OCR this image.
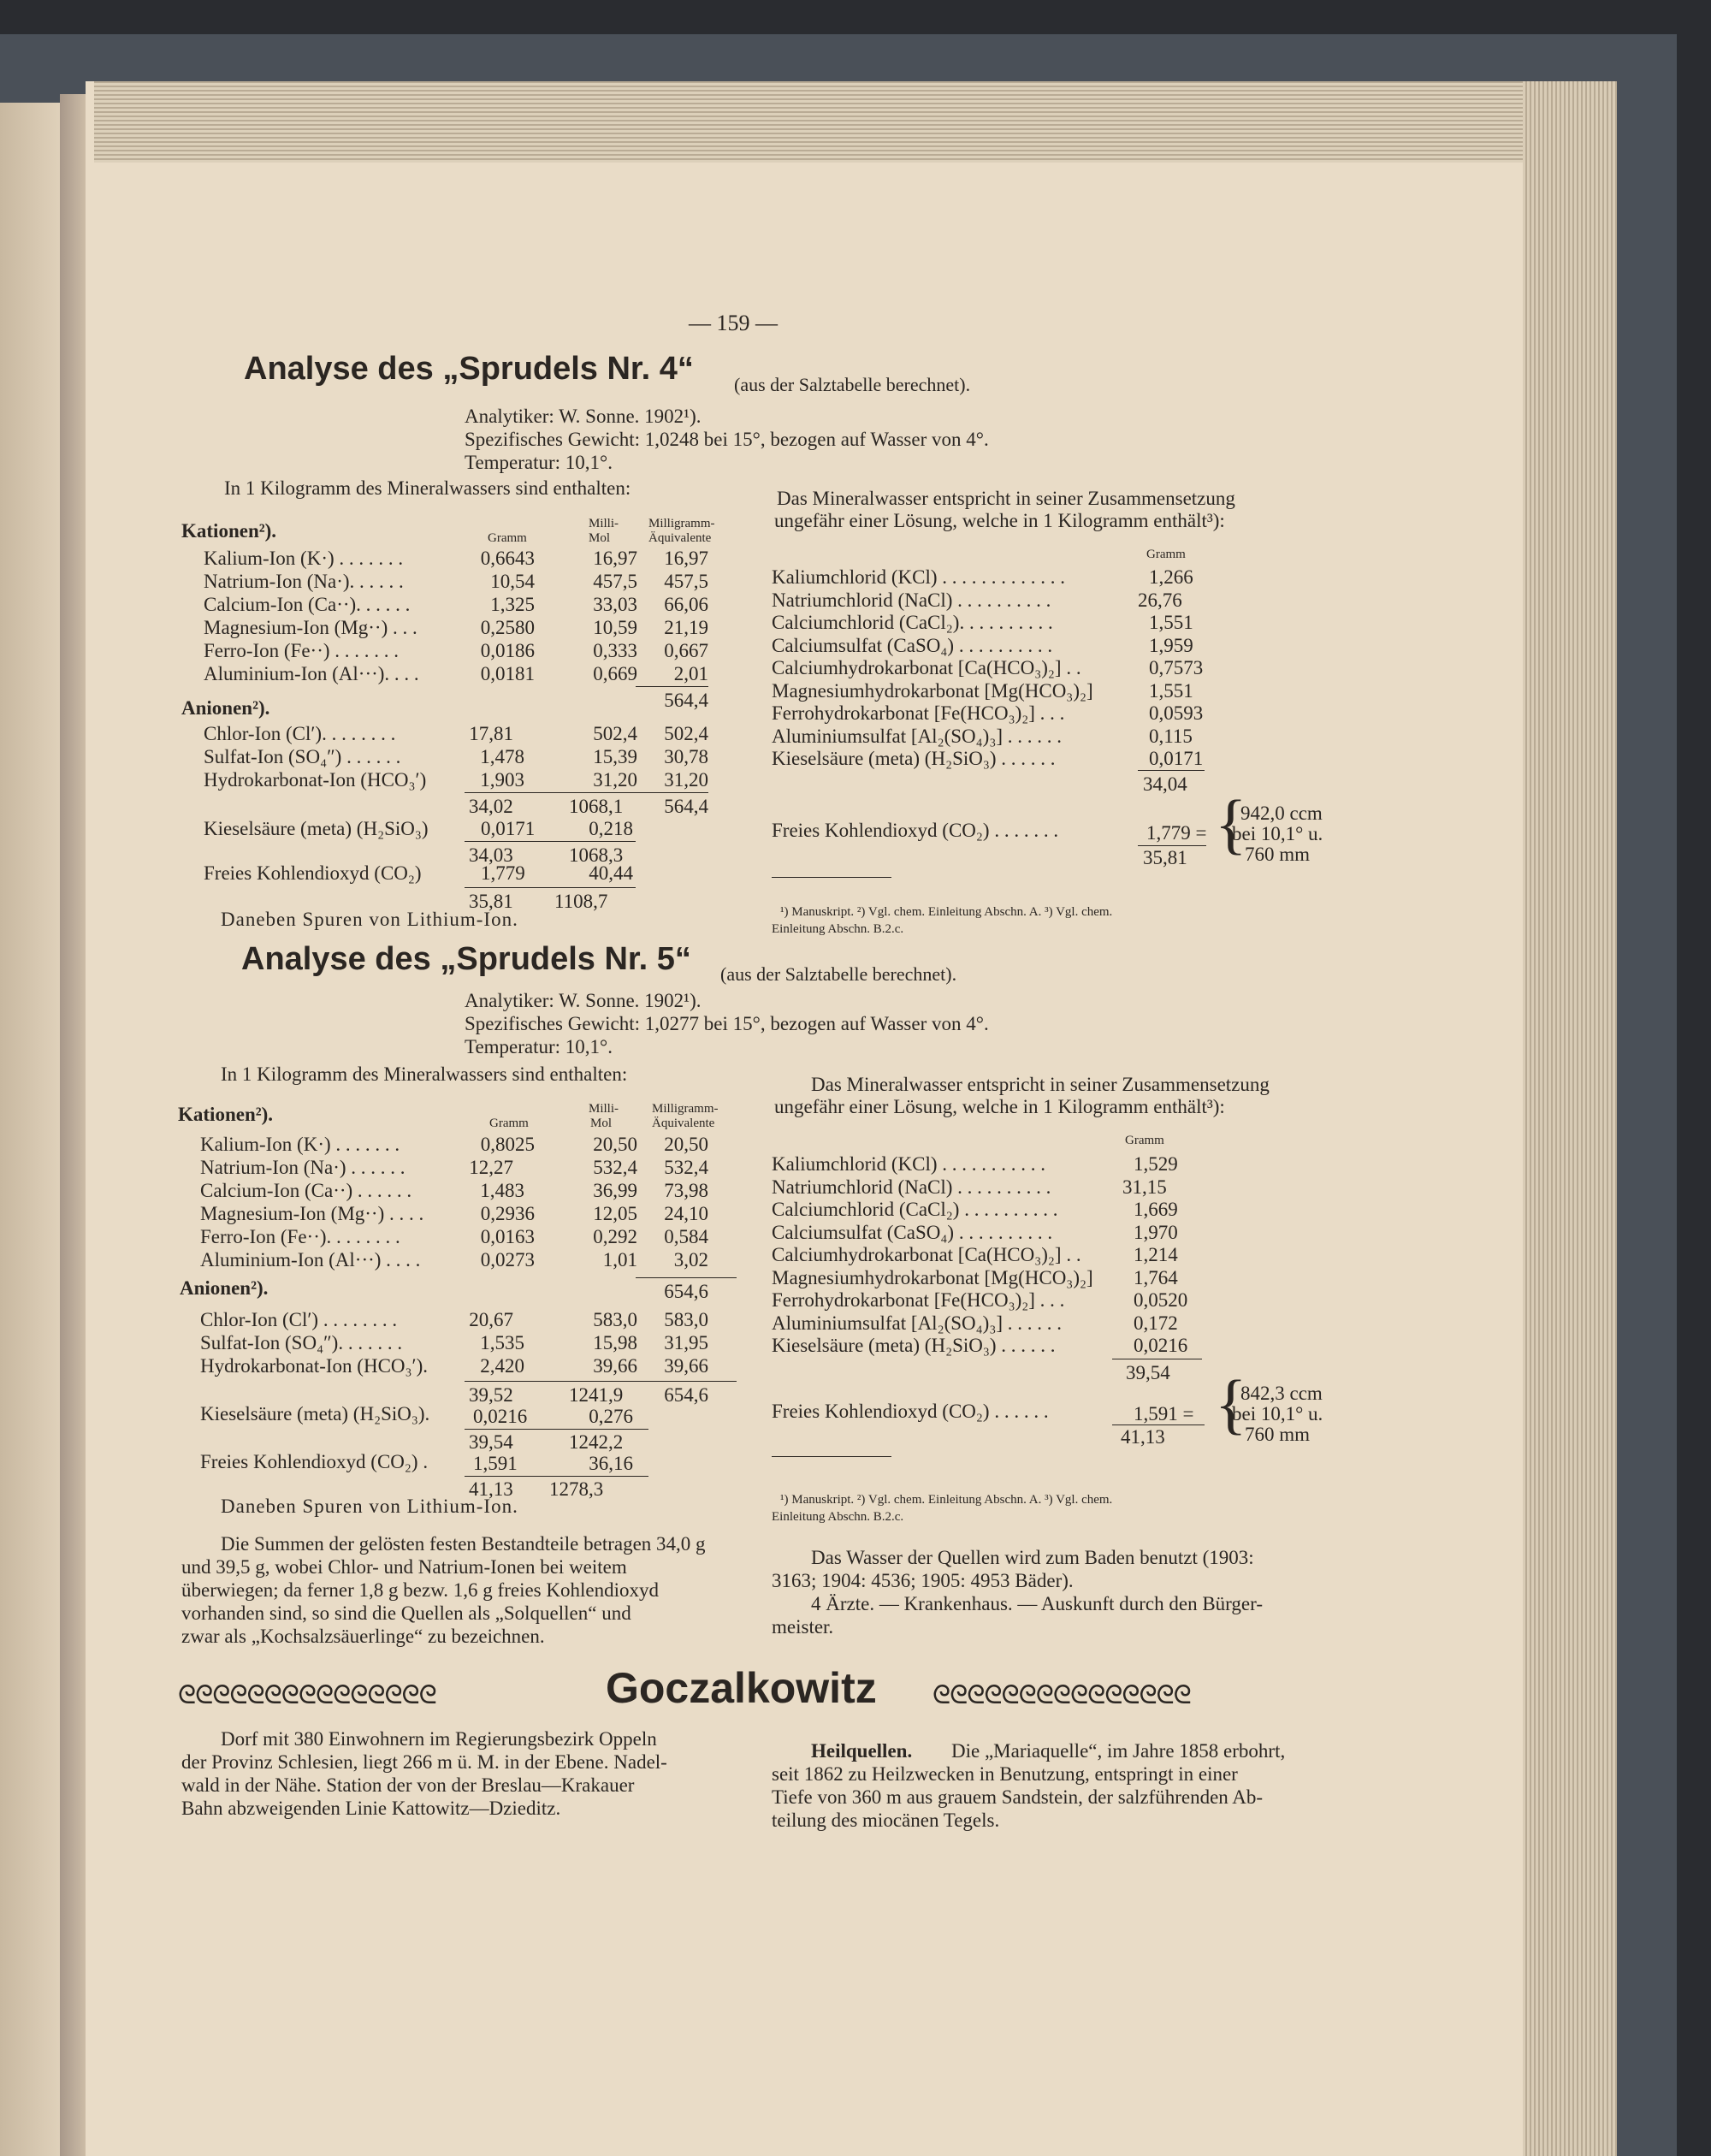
— 159 —
Analyse des „Sprudels Nr. 4“ (aus der Salztabelle berechnet).
Analytiker: W. Sonne. 1902¹).
Spezifisches Gewicht: 1,0248 bei 15°, bezogen auf Wasser von 4°.
Temperatur: 10,1°.
In 1 Kilogramm des Mineralwassers sind enthalten:
Milli- Milligramm-
Kationen²).	Gramm	Mol	Äquivalente
Kalium-Ion (K·) . . . . . . .	0,6643	16,97	16,97
Natrium-Ion (Na·). . . . . .	10,54	457,5	457,5
Calcium-Ion (Ca··). . . . . .	1,325	33,03	66,06
Magnesium-Ion (Mg··) . . .	0,2580	10,59	21,19
Ferro-Ion (Fe··) . . . . . . .	0,0186	0,333	0,667
Aluminium-Ion (Al···). . . .	0,0181	0,669	2,01
564,4
Anionen²).
Chlor-Ion (Cl′). . . . . . . .	17,81	502,4	502,4
Sulfat-Ion (SO₄″) . . . . . .	1,478	15,39	30,78
Hydrokarbonat-Ion (HCO₃′)	1,903	31,20	31,20
34,02	1068,1	564,4
Kieselsäure (meta) (H₂SiO₃)	0,0171	0,218
34,03	1068,3
Freies Kohlendioxyd (CO₂)	1,779	40,44
35,81 1108,7
Daneben Spuren von Lithium-Ion.
Das Mineralwasser entspricht in seiner Zusammensetzung
ungefähr einer Lösung, welche in 1 Kilogramm enthält³):
Gramm
Kaliumchlorid (KCl) . . . . . . . . . . . . .	1,266
Natriumchlorid (NaCl) . . . . . . . . . .	26,76
Calciumchlorid (CaCl₂). . . . . . . . . .	1,551
Calciumsulfat (CaSO₄) . . . . . . . . . .	1,959
Calciumhydrokarbonat [Ca(HCO₃)₂] . .	0,7573
Magnesiumhydrokarbonat [Mg(HCO₃)₂]	1,551
Ferrohydrokarbonat [Fe(HCO₃)₂] . . .	0,0593
Aluminiumsulfat [Al₂(SO₄)₃] . . . . . .	0,115
Kieselsäure (meta) (H₂SiO₃) . . . . . .	0,0171
34,04
Freies Kohlendioxyd (CO₂) . . . . . . .	1,779 = {
942,0 ccm
bei 10,1° u.
760 mm
35,81
¹) Manuskript. ²) Vgl. chem. Einleitung Abschn. A. ³) Vgl. chem.
Einleitung Abschn. B.2.c.
Analyse des „Sprudels Nr. 5“ (aus der Salztabelle berechnet).
Analytiker: W. Sonne. 1902¹).
Spezifisches Gewicht: 1,0277 bei 15°, bezogen auf Wasser von 4°.
Temperatur: 10,1°.
In 1 Kilogramm des Mineralwassers sind enthalten:
Milli-	Milligramm-
Kationen²).	Gramm	Mol	Äquivalente
Kalium-Ion (K·) . . . . . . .	0,8025	20,50	20,50
Natrium-Ion (Na·) . . . . . .	12,27	532,4	532,4
Calcium-Ion (Ca··) . . . . . .	1,483	36,99	73,98
Magnesium-Ion (Mg··) . . . .	0,2936	12,05	24,10
Ferro-Ion (Fe··). . . . . . . .	0,0163	0,292	0,584
Aluminium-Ion (Al···) . . . .	0,0273	1,01	3,02
654,6
Anionen²).
Chlor-Ion (Cl′) . . . . . . . .	20,67	583,0	583,0
Sulfat-Ion (SO₄″). . . . . . .	1,535	15,98	31,95
Hydrokarbonat-Ion (HCO₃′).	2,420	39,66	39,66
39,52	1241,9	654,6
Kieselsäure (meta) (H₂SiO₃). 0,0216	0,276
39,54	1242,2
Freies Kohlendioxyd (CO₂) . 1,591	36,16
41,13 1278,3
Daneben Spuren von Lithium-Ion.
Das Mineralwasser entspricht in seiner Zusammensetzung
ungefähr einer Lösung, welche in 1 Kilogramm enthält³):
Gramm
Kaliumchlorid (KCl) . . . . . . . . . . .	1,529
Natriumchlorid (NaCl) . . . . . . . . . .	31,15
Calciumchlorid (CaCl₂) . . . . . . . . . .	1,669
Calciumsulfat (CaSO₄) . . . . . . . . . .	1,970
Calciumhydrokarbonat [Ca(HCO₃)₂] . .	1,214
Magnesiumhydrokarbonat [Mg(HCO₃)₂] 1,764
Ferrohydrokarbonat [Fe(HCO₃)₂] . . .	0,0520
Aluminiumsulfat [Al₂(SO₄)₃] . . . . . .	0,172
Kieselsäure (meta) (H₂SiO₃) . . . . . .	0,0216
39,54
Freies Kohlendioxyd (CO₂) . . . . . .	1,591 = {
842,3 ccm
bei 10,1° u.
760 mm
41,13
¹) Manuskript. ²) Vgl. chem. Einleitung Abschn. A. ³) Vgl. chem.
Einleitung Abschn. B.2.c.
Die Summen der gelösten festen Bestandteile betragen 34,0 g
und 39,5 g, wobei Chlor- und Natrium-Ionen bei weitem
überwiegen; da ferner 1,8 g bezw. 1,6 g freies Kohlendioxyd
vorhanden sind, so sind die Quellen als „Solquellen“ und
zwar als „Kochsalzsäuerlinge“ zu bezeichnen.
Das Wasser der Quellen wird zum Baden benutzt (1903:
3163; 1904: 4536; 1905: 4953 Bäder).
4 Ärzte. — Krankenhaus. — Auskunft durch den Bürger-
meister.
ᘓᘓᘓᘓᘓᘓᘓᘓᘓᘓᘓᘓᘓᘓᘓ	Goczalkowitz ᘓᘓᘓᘓᘓᘓᘓᘓᘓᘓᘓᘓᘓᘓᘓ
Dorf mit 380 Einwohnern im Regierungsbezirk Oppeln
der Provinz Schlesien, liegt 266 m ü. M. in der Ebene. Nadel-
wald in der Nähe. Station der von der Breslau—Krakauer
Bahn abzweigenden Linie Kattowitz—Dzieditz.
Heilquellen. Die „Mariaquelle“, im Jahre 1858 erbohrt,
seit 1862 zu Heilzwecken in Benutzung, entspringt in einer
Tiefe von 360 m aus grauem Sandstein, der salzführenden Ab-
teilung des miocänen Tegels.
